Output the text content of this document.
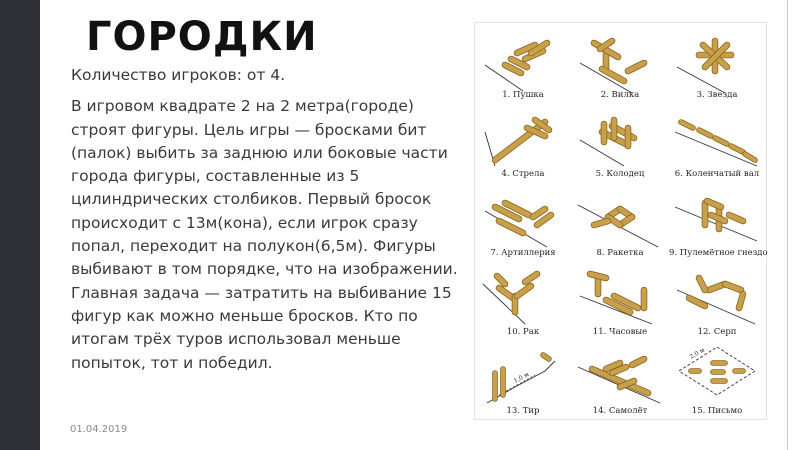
ГОРОДКИ

Количество игроков: от 4.

В игровом квадрате 2 на 2 метра(городе) строят фигуры. Цель игры — бросками бит (палок) выбить за заднюю или боковые части города фигуры, составленные из 5 цилиндрических столбиков. Первый бросок происходит с 13м(кона), если игрок сразу попал, переходит на полукон(6,5м). Фигуры выбивают в том порядке, что на изображении. Главная задача — затратить на выбивание 15 фигур как можно меньше бросков. Кто по итогам трёх туров использовал меньше попыток, тот и победил.

01.04.2019
1,0 м
2,0 м
1. Пушка	2. Вилка	3. Звезда
4. Стрела	5. Колодец	6. Коленчатый вал
7. Артиллерия	8. Ракетка	9. Пулемётное гнездо
10. Рак	11. Часовые	12. Серп
13. Тир	14. Самолёт	15. Письмо
